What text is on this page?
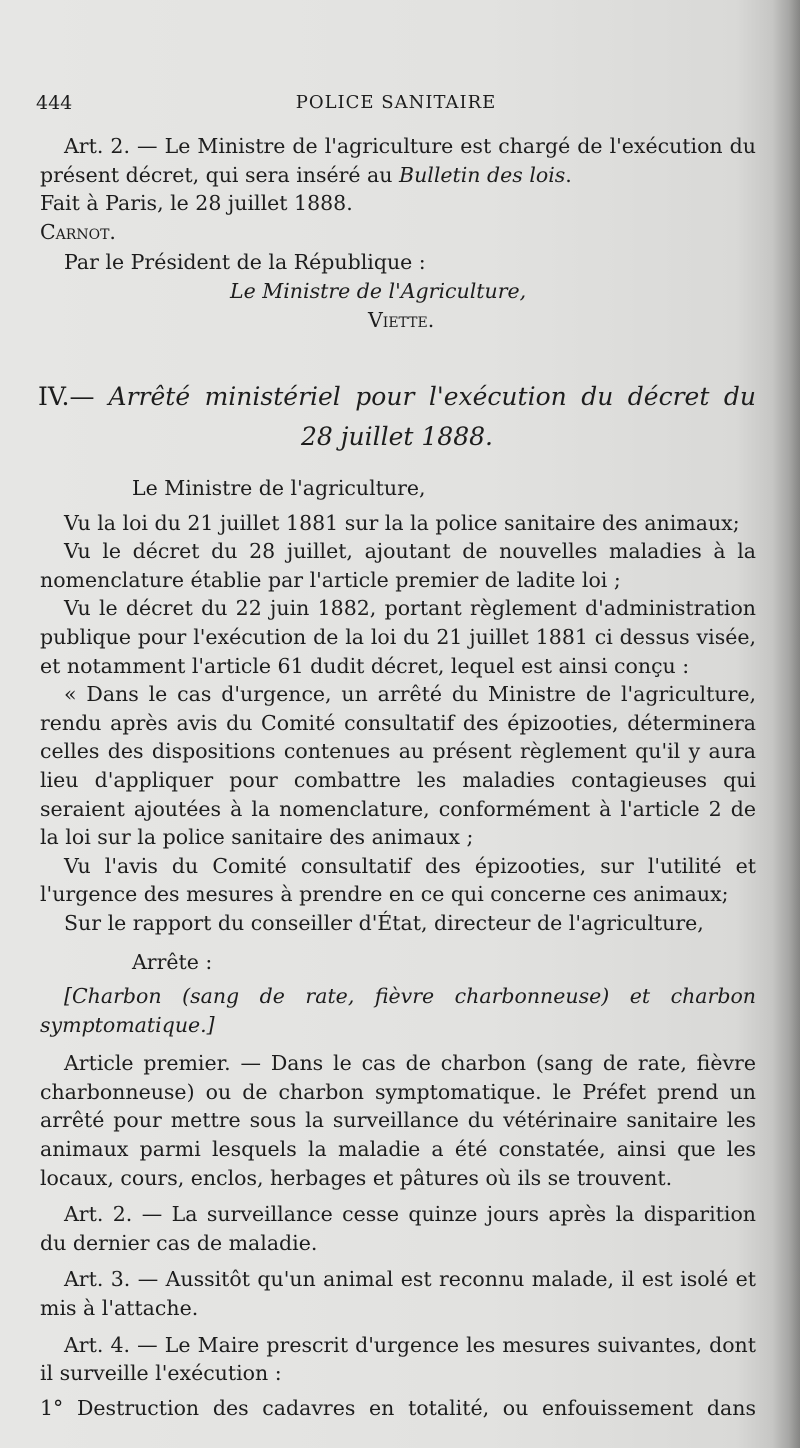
444	POLICE SANITAIRE

Art. 2. — Le Ministre de l'agriculture est chargé de l'exécution du présent décret, qui sera inséré au Bulletin des lois.

Fait à Paris, le 28 juillet 1888.

Carnot.

Par le Président de la République :

Le Ministre de l'Agriculture,

Viette.

IV. — Arrêté ministériel pour l'exécution du décret du
28 juillet 1888.

Le Ministre de l'agriculture,

Vu la loi du 21 juillet 1881 sur la la police sanitaire des animaux;

Vu le décret du 28 juillet, ajoutant de nouvelles maladies à la nomenclature établie par l'article premier de ladite loi ;

Vu le décret du 22 juin 1882, portant règlement d'administration publique pour l'exécution de la loi du 21 juillet 1881 ci dessus visée, et notamment l'article 61 dudit décret, lequel est ainsi conçu :

« Dans le cas d'urgence, un arrêté du Ministre de l'agriculture, rendu après avis du Comité consultatif des épizooties, déterminera celles des dispositions contenues au présent règlement qu'il y aura lieu d'appliquer pour combattre les maladies contagieuses qui seraient ajoutées à la nomenclature, conformément à l'article 2 de la loi sur la police sanitaire des animaux ;

Vu l'avis du Comité consultatif des épizooties, sur l'utilité et l'urgence des mesures à prendre en ce qui concerne ces animaux;

Sur le rapport du conseiller d'État, directeur de l'agriculture,

Arrête :

[Charbon (sang de rate, fièvre charbonneuse) et charbon symptomatique.]

Article premier. — Dans le cas de charbon (sang de rate, fièvre charbonneuse) ou de charbon symptomatique. le Préfet prend un arrêté pour mettre sous la surveillance du vétérinaire sanitaire les animaux parmi lesquels la maladie a été constatée, ainsi que les locaux, cours, enclos, herbages et pâtures où ils se trouvent.

Art. 2. — La surveillance cesse quinze jours après la disparition du dernier cas de maladie.

Art. 3. — Aussitôt qu'un animal est reconnu malade, il est isolé et mis à l'attache.

Art. 4. — Le Maire prescrit d'urgence les mesures suivantes, dont il surveille l'exécution :

1° Destruction des cadavres en totalité, ou enfouissement dans
